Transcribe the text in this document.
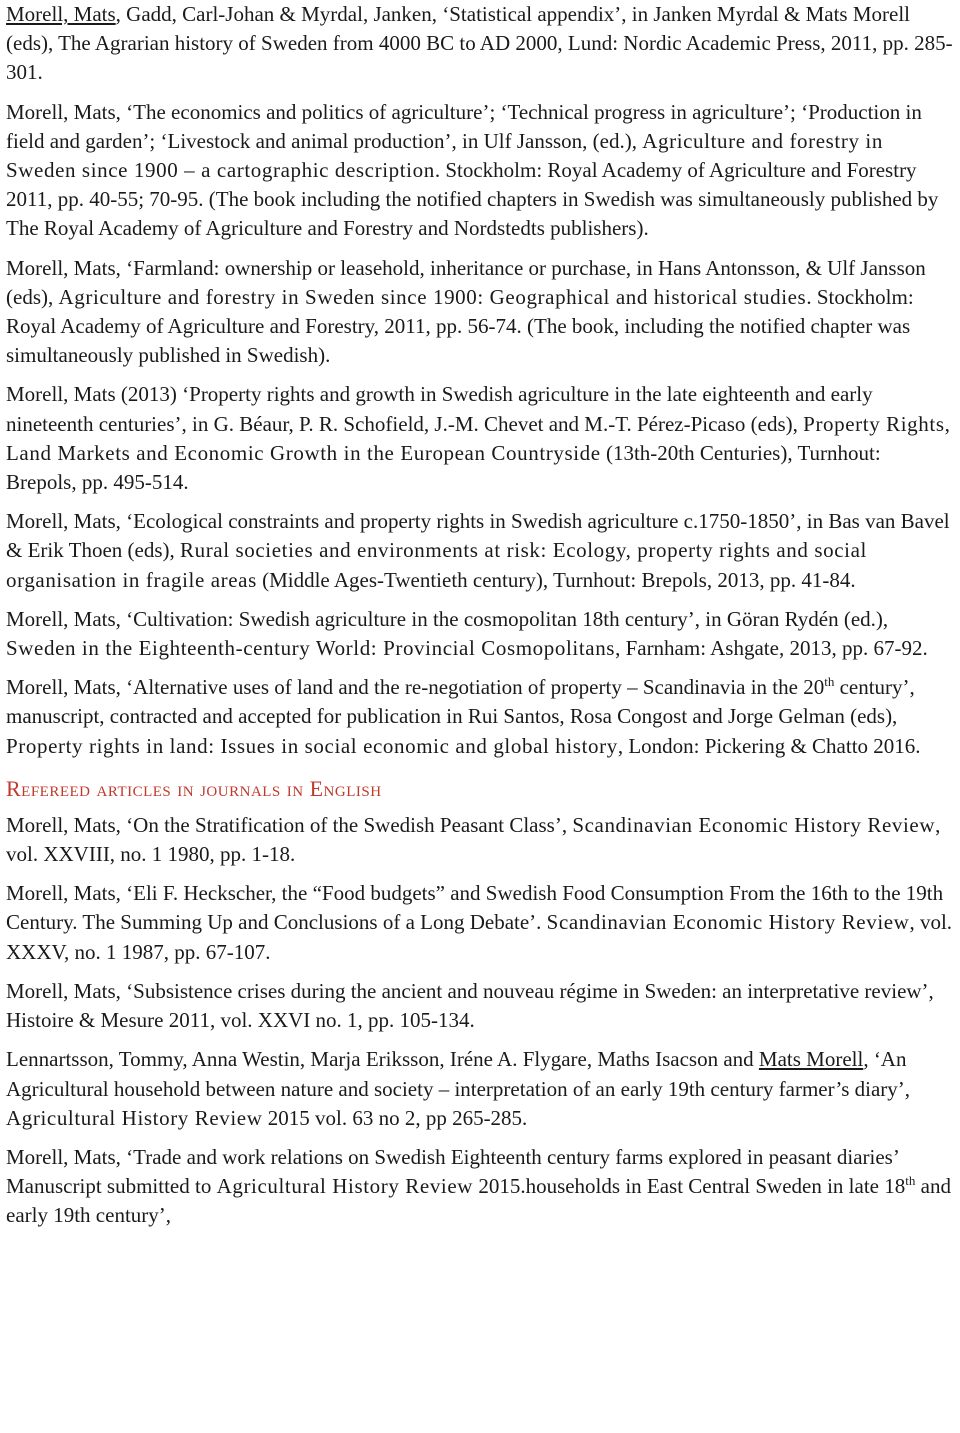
Morell, Mats, Gadd, Carl-Johan & Myrdal, Janken, ‘Statistical appendix’, in Janken Myrdal & Mats Morell (eds), The Agrarian history of Sweden from 4000 BC to AD 2000, Lund: Nordic Academic Press, 2011, pp. 285-301.

Morell, Mats, ‘The economics and politics of agriculture’; ‘Technical progress in agriculture’; ‘Production in field and garden’; ‘Livestock and animal production’, in Ulf Jansson, (ed.), Agriculture and forestry in Sweden since 1900 – a cartographic description. Stockholm: Royal Academy of Agriculture and Forestry 2011, pp. 40-55; 70-95. (The book including the notified chapters in Swedish was simultaneously published by The Royal Academy of Agriculture and Forestry and Nordstedts publishers).

Morell, Mats, ‘Farmland: ownership or leasehold, inheritance or purchase, in Hans Antonsson, & Ulf Jansson (eds), Agriculture and forestry in Sweden since 1900: Geographical and historical studies. Stockholm: Royal Academy of Agriculture and Forestry, 2011, pp. 56-74. (The book, including the notified chapter was simultaneously published in Swedish).

Morell, Mats (2013) ‘Property rights and growth in Swedish agriculture in the late eighteenth and early nineteenth centuries’, in G. Béaur, P. R. Schofield, J.-M. Chevet and M.-T. Pérez-Picaso (eds), Property Rights, Land Markets and Economic Growth in the European Countryside (13th-20th Centuries), Turnhout: Brepols, pp. 495-514.

Morell, Mats, ‘Ecological constraints and property rights in Swedish agriculture c.1750-1850’, in Bas van Bavel & Erik Thoen (eds), Rural societies and environments at risk: Ecology, property rights and social organisation in fragile areas (Middle Ages-Twentieth century), Turnhout: Brepols, 2013, pp. 41-84.

Morell, Mats, ‘Cultivation: Swedish agriculture in the cosmopolitan 18th century’, in Göran Rydén (ed.), Sweden in the Eighteenth-century World: Provincial Cosmopolitans, Farnham: Ashgate, 2013, pp. 67-92.

Morell, Mats, ‘Alternative uses of land and the re-negotiation of property – Scandinavia in the 20th century’, manuscript, contracted and accepted for publication in Rui Santos, Rosa Congost and Jorge Gelman (eds), Property rights in land: Issues in social economic and global history, London: Pickering & Chatto 2016.

Refereed articles in journals in English

Morell, Mats, ‘On the Stratification of the Swedish Peasant Class’, Scandinavian Economic History Review, vol. XXVIII, no. 1 1980, pp. 1-18.

Morell, Mats, ‘Eli F. Heckscher, the “Food budgets” and Swedish Food Consumption From the 16th to the 19th Century. The Summing Up and Conclusions of a Long Debate’. Scandinavian Economic History Review, vol. XXXV, no. 1 1987, pp. 67-107.

Morell, Mats, ‘Subsistence crises during the ancient and nouveau régime in Sweden: an interpretative review’, Histoire & Mesure 2011, vol. XXVI no. 1, pp. 105-134.

Lennartsson, Tommy, Anna Westin, Marja Eriksson, Iréne A. Flygare, Maths Isacson and Mats Morell, ‘An Agricultural household between nature and society – interpretation of an early 19th century farmer’s diary’, Agricultural History Review 2015 vol. 63 no 2, pp 265-285.

Morell, Mats, ‘Trade and work relations on Swedish Eighteenth century farms explored in peasant diaries’ Manuscript submitted to Agricultural History Review 2015.households in East Central Sweden in late 18th and early 19th century’,
